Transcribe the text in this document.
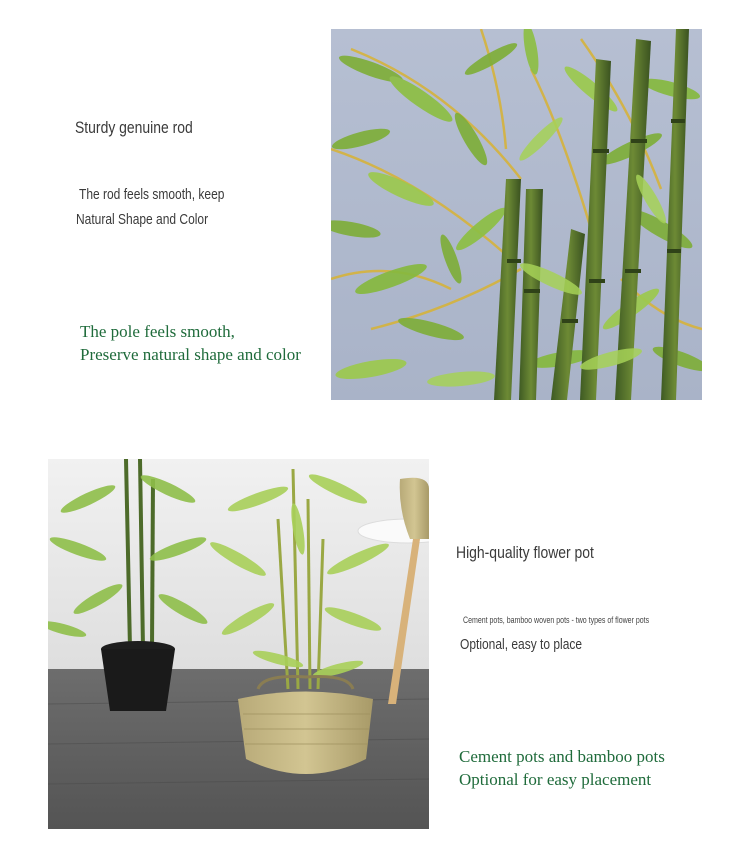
Sturdy genuine rod
The rod feels smooth, keep
Natural Shape and Color
The pole feels smooth,
Preserve natural shape and color
High-quality flower pot
Cement pots, bamboo woven pots - two types of flower pots
Optional, easy to place
Cement pots and bamboo pots
Optional for easy placement
